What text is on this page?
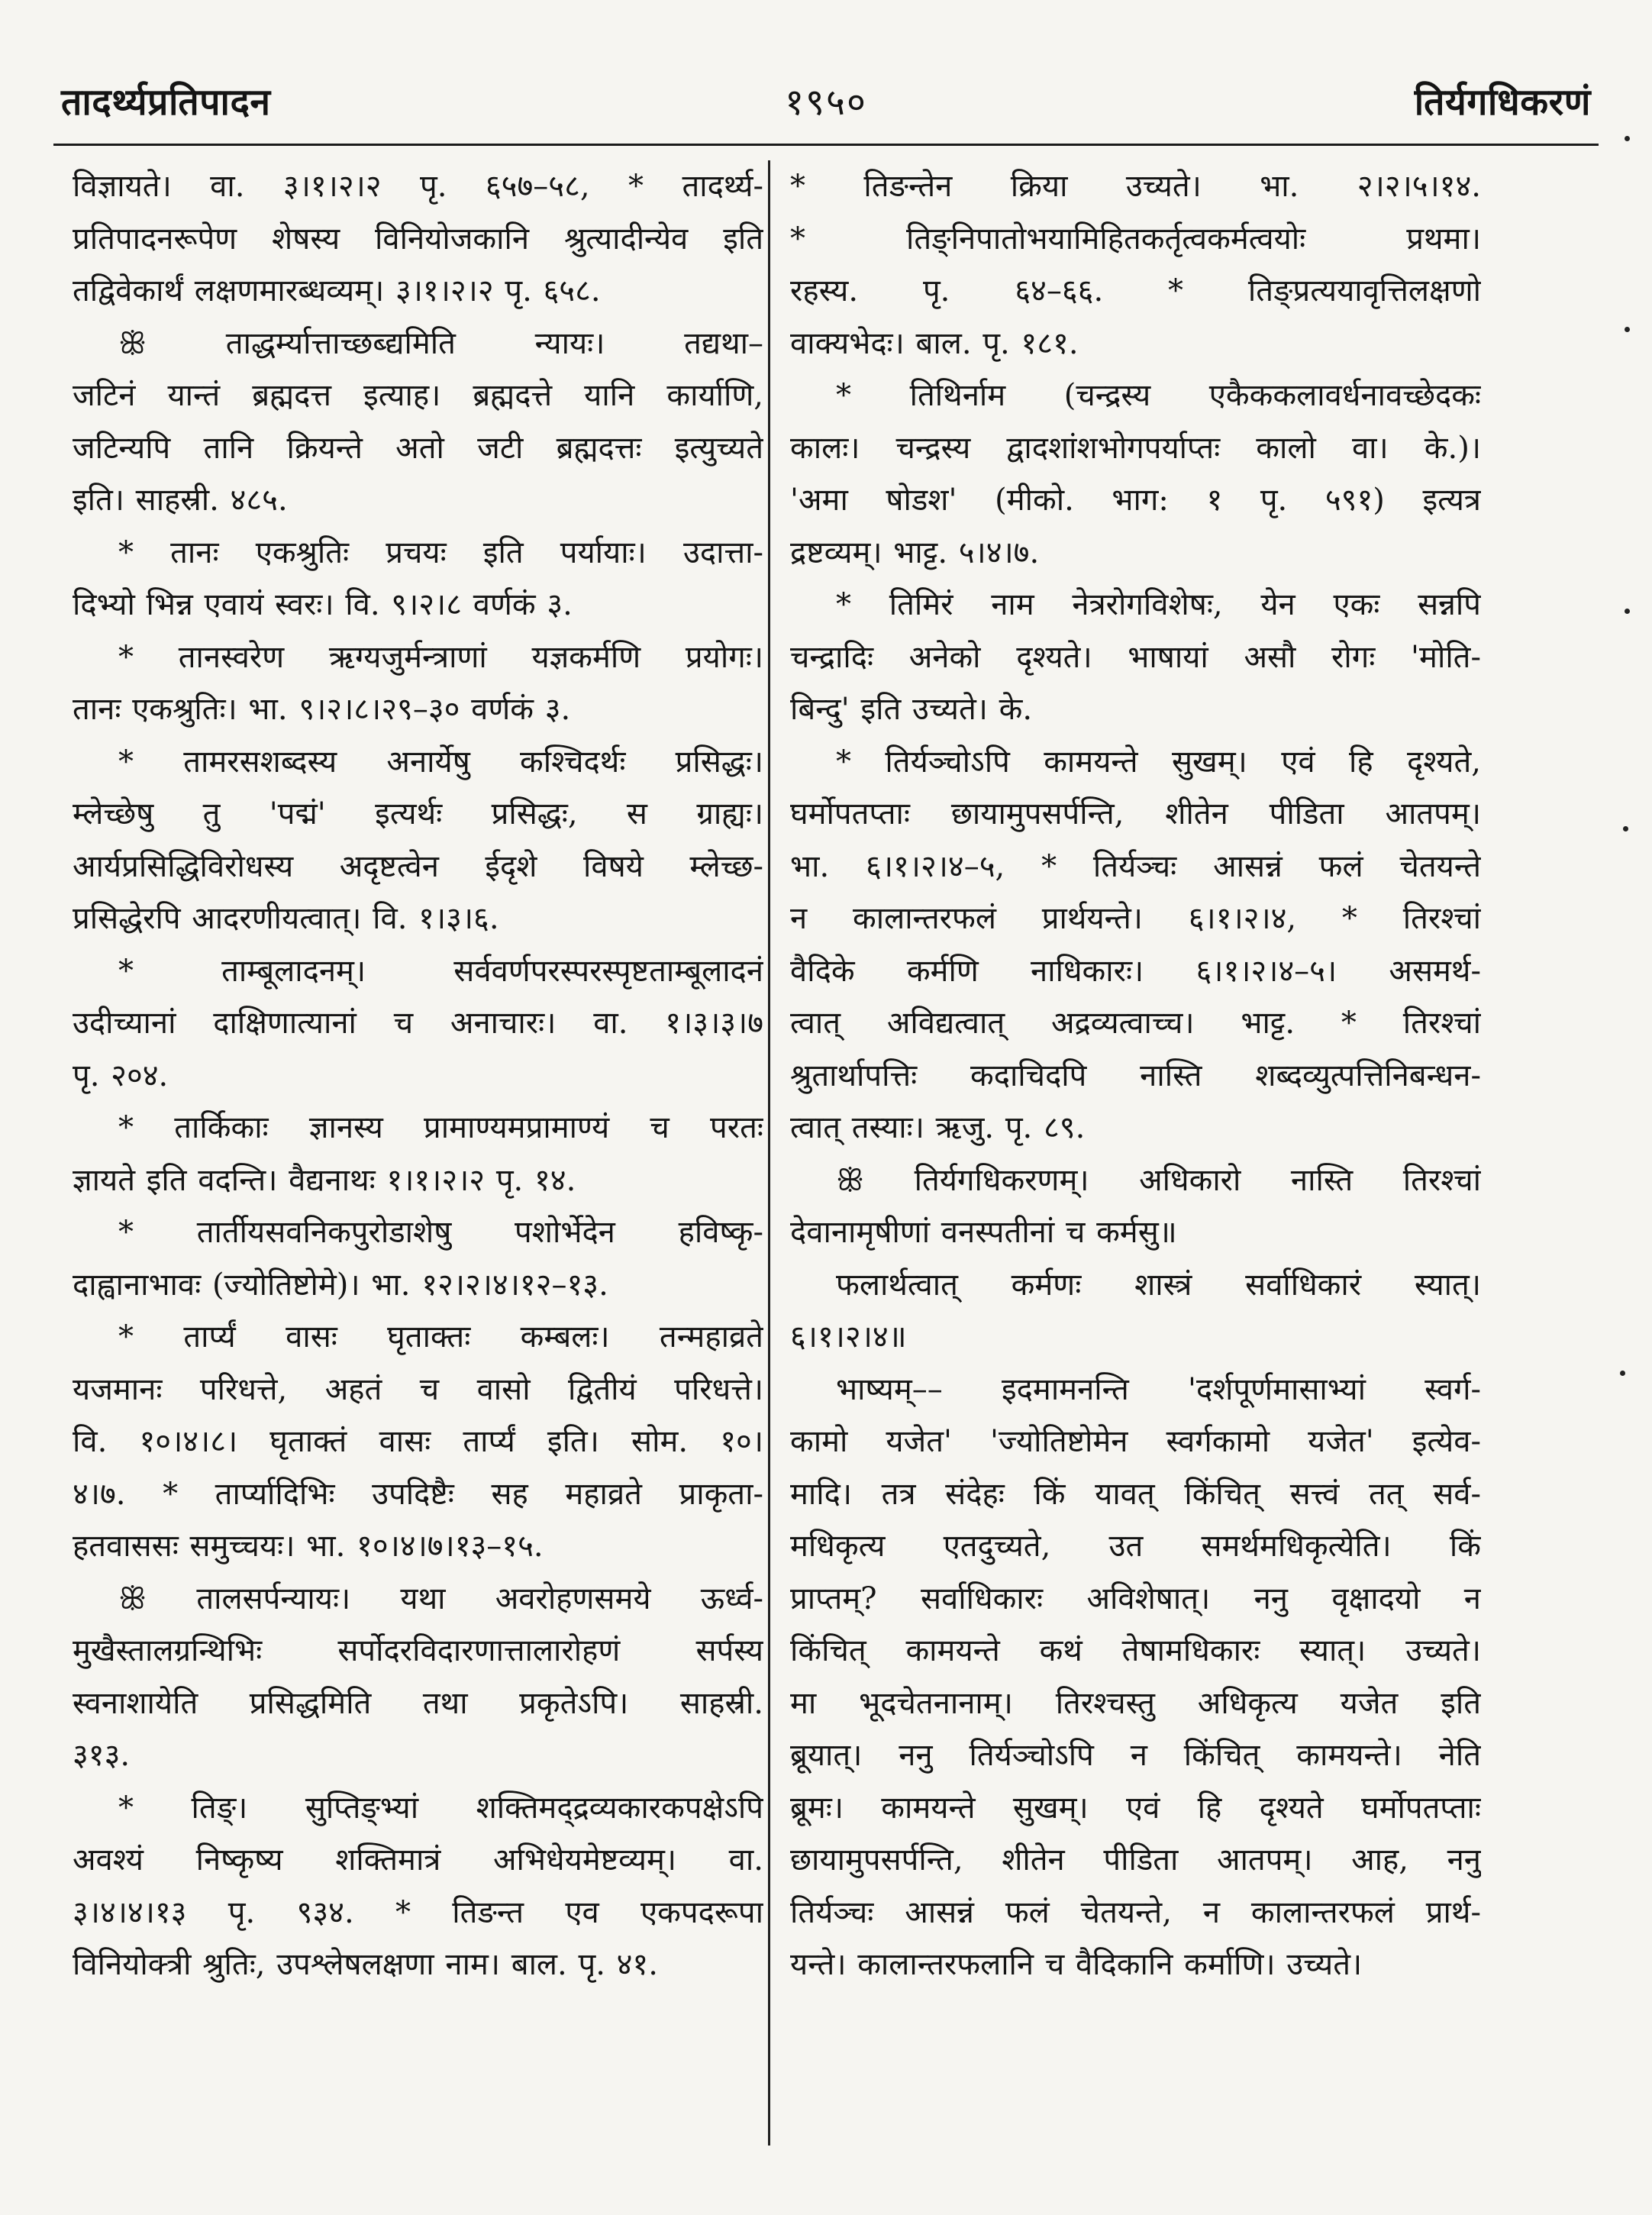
तादर्थ्यप्रतिपादन	१९५०	तिर्यगधिकरणं
विज्ञायते। वा. ३।१।२।२ पृ. ६५७–५८, * तादर्थ्य-
प्रतिपादनरूपेण शेषस्य विनियोजकानि श्रुत्यादीन्येव इति
तद्विवेकार्थं लक्षणमारब्धव्यम्। ३।१।२।२ पृ. ६५८.
ꕥ ताद्धर्म्यात्ताच्छब्द्यमिति न्यायः। तद्यथा–
जटिनं यान्तं ब्रह्मदत्त इत्याह। ब्रह्मदत्ते यानि कार्याणि,
जटिन्यपि तानि क्रियन्ते अतो जटी ब्रह्मदत्तः इत्युच्यते
इति। साहस्री. ४८५.
* तानः एकश्रुतिः प्रचयः इति पर्यायाः। उदात्ता-
दिभ्यो भिन्न एवायं स्वरः। वि. ९।२।८ वर्णकं ३.
* तानस्वरेण ऋग्यजुर्मन्त्राणां यज्ञकर्मणि प्रयोगः।
तानः एकश्रुतिः। भा. ९।२।८।२९–३० वर्णकं ३.
* तामरसशब्दस्य अनार्येषु कश्चिदर्थः प्रसिद्धः।
म्लेच्छेषु तु 'पद्मं' इत्यर्थः प्रसिद्धः, स ग्राह्यः।
आर्यप्रसिद्धिविरोधस्य अदृष्टत्वेन ईदृशे विषये म्लेच्छ-
प्रसिद्धेरपि आदरणीयत्वात्। वि. १।३।६.
* ताम्बूलादनम्। सर्ववर्णपरस्परस्पृष्टताम्बूलादनं
उदीच्यानां दाक्षिणात्यानां च अनाचारः। वा. १।३।३।७
पृ. २०४.
* तार्किकाः ज्ञानस्य प्रामाण्यमप्रामाण्यं च परतः
ज्ञायते इति वदन्ति। वैद्यनाथः १।१।२।२ पृ. १४.
* तार्तीयसवनिकपुरोडाशेषु पशोर्भेदेन हविष्कृ-
दाह्वानाभावः (ज्योतिष्टोमे)। भा. १२।२।४।१२–१३.
* तार्प्यं वासः घृताक्तः कम्बलः। तन्महाव्रते
यजमानः परिधत्ते, अहतं च वासो द्वितीयं परिधत्ते।
वि. १०।४।८। घृताक्तं वासः तार्प्यं इति। सोम. १०।
४।७. * तार्प्यादिभिः उपदिष्टैः सह महाव्रते प्राकृता-
हतवाससः समुच्चयः। भा. १०।४।७।१३–१५.
ꕥ तालसर्पन्यायः। यथा अवरोहणसमये ऊर्ध्व-
मुखैस्तालग्रन्थिभिः सर्पोदरविदारणात्तालारोहणं सर्पस्य
स्वनाशायेति प्रसिद्धमिति तथा प्रकृतेऽपि। साहस्री.
३१३.
* तिङ्। सुप्तिङ्भ्यां शक्तिमद्द्रव्यकारकपक्षेऽपि
अवश्यं निष्कृष्य शक्तिमात्रं अभिधेयमेष्टव्यम्। वा.
३।४।४।१३ पृ. ९३४. * तिङन्त एव एकपदरूपा
विनियोक्त्री श्रुतिः, उपश्लेषलक्षणा नाम। बाल. पृ. ४१.
* तिङन्तेन क्रिया उच्यते। भा. २।२।५।१४.
* तिङ्निपातोभयामिहितकर्तृत्वकर्मत्वयोः प्रथमा।
रहस्य. पृ. ६४–६६. * तिङ्प्रत्ययावृत्तिलक्षणो
वाक्यभेदः। बाल. पृ. १८१.
* तिथिर्नाम (चन्द्रस्य एकैककलावर्धनावच्छेदकः
कालः। चन्द्रस्य द्वादशांशभोगपर्याप्तः कालो वा। के.)।
'अमा षोडश' (मीको. भाग: १ पृ. ५९१) इत्यत्र
द्रष्टव्यम्। भाट्ट. ५।४।७.
* तिमिरं नाम नेत्ररोगविशेषः, येन एकः सन्नपि
चन्द्रादिः अनेको दृश्यते। भाषायां असौ रोगः 'मोति-
बिन्दु' इति उच्यते। के.
* तिर्यञ्चोऽपि कामयन्ते सुखम्। एवं हि दृश्यते,
घर्मोपतप्ताः छायामुपसर्पन्ति, शीतेन पीडिता आतपम्।
भा. ६।१।२।४–५, * तिर्यञ्चः आसन्नं फलं चेतयन्ते
न कालान्तरफलं प्रार्थयन्ते। ६।१।२।४, * तिरश्चां
वैदिके कर्मणि नाधिकारः। ६।१।२।४–५। असमर्थ-
त्वात् अविद्यत्वात् अद्रव्यत्वाच्च। भाट्ट. * तिरश्चां
श्रुतार्थापत्तिः कदाचिदपि नास्ति शब्दव्युत्पत्तिनिबन्धन-
त्वात् तस्याः। ऋजु. पृ. ८९.
ꕥ तिर्यगधिकरणम्। अधिकारो नास्ति तिरश्चां
देवानामृषीणां वनस्पतीनां च कर्मसु॥
फलार्थत्वात् कर्मणः शास्त्रं सर्वाधिकारं स्यात्।
६।१।२।४॥
भाष्यम्–– इदमामनन्ति 'दर्शपूर्णमासाभ्यां स्वर्ग-
कामो यजेत' 'ज्योतिष्टोमेन स्वर्गकामो यजेत' इत्येव-
मादि। तत्र संदेहः किं यावत् किंचित् सत्त्वं तत् सर्व-
मधिकृत्य एतदुच्यते, उत समर्थमधिकृत्येति। किं
प्राप्तम्? सर्वाधिकारः अविशेषात्। ननु वृक्षादयो न
किंचित् कामयन्ते कथं तेषामधिकारः स्यात्। उच्यते।
मा भूदचेतनानाम्। तिरश्चस्तु अधिकृत्य यजेत इति
ब्रूयात्। ननु तिर्यञ्चोऽपि न किंचित् कामयन्ते। नेति
ब्रूमः। कामयन्ते सुखम्। एवं हि दृश्यते घर्मोपतप्ताः
छायामुपसर्पन्ति, शीतेन पीडिता आतपम्। आह, ननु
तिर्यञ्चः आसन्नं फलं चेतयन्ते, न कालान्तरफलं प्रार्थ-
यन्ते। कालान्तरफलानि च वैदिकानि कर्माणि। उच्यते।
